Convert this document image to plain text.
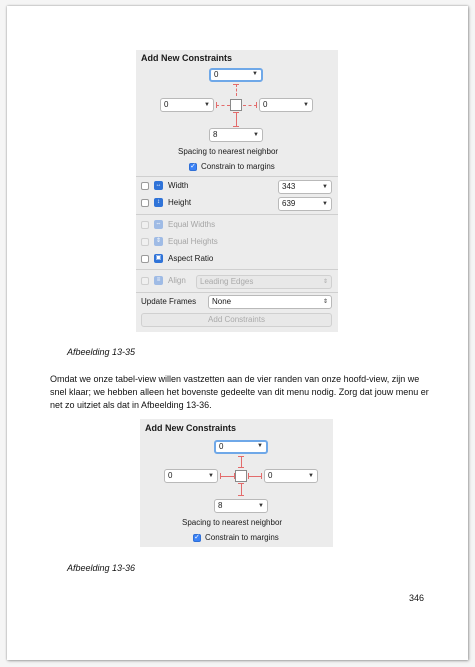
Add New Constraints
0	▼
0	▼	0	▼
8	▼
Spacing to nearest neighbor
✓ Constrain to margins
↔ Width	343	▼
↕	Height	639	▼
⇔ Equal Widths
⇕ Equal Heights
▣ Aspect Ratio
≡ Align	Leading Edges	⇕
Update Frames	None	⇕
Add Constraints
Afbeelding 13-35
Omdat we onze tabel-view willen vastzetten aan de vier randen van onze hoofd-view, zijn we snel klaar; we hebben alleen het bovenste gedeelte van dit menu nodig. Zorg dat jouw menu er net zo uitziet als dat in Afbeelding 13-36.
Add New Constraints
0	▼
0	▼	0	▼
8	▼
Spacing to nearest neighbor
✓ Constrain to margins
Afbeelding 13-36
346
